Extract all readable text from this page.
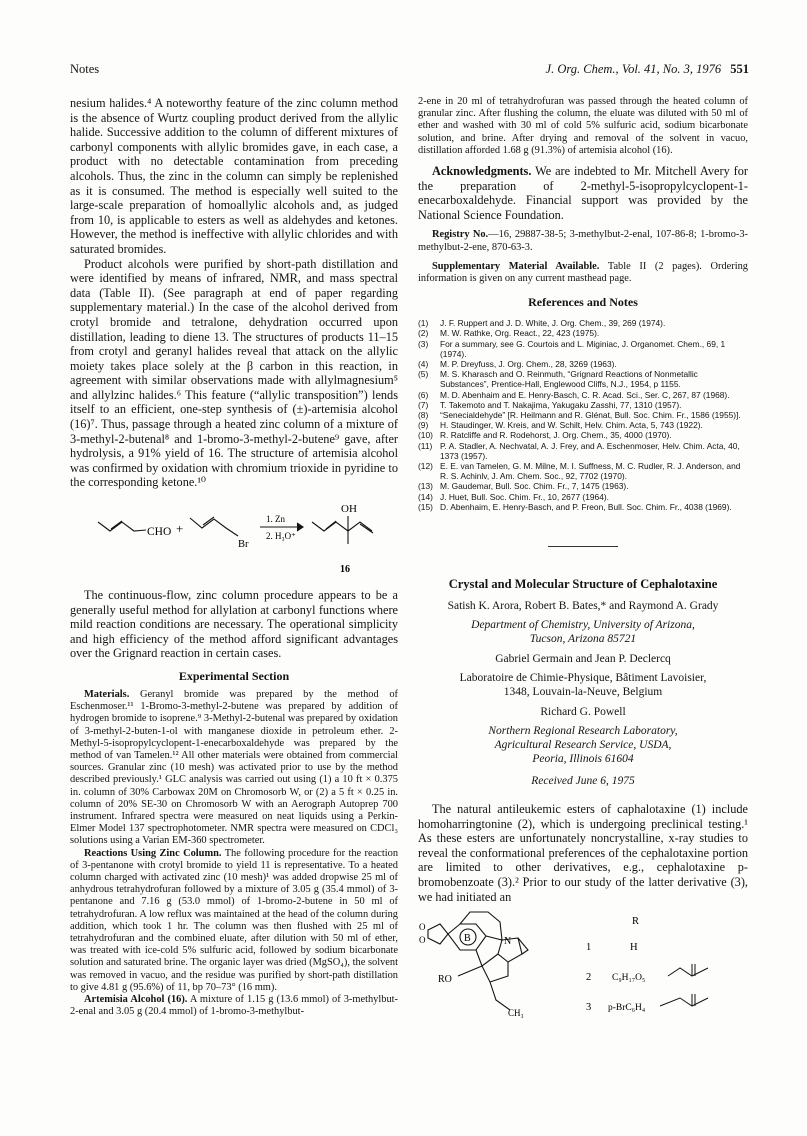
Notes	J. Org. Chem., Vol. 41, No. 3, 1976 551

nesium halides.⁴ A noteworthy feature of the zinc column method is the absence of Wurtz coupling product derived from the allylic halide. Successive addition to the column of different mixtures of carbonyl components with allylic bromides gave, in each case, a product with no detectable contamination from preceding alcohols. Thus, the zinc in the column can simply be replenished as it is consumed. The method is especially well suited to the large-scale preparation of homoallylic alcohols and, as judged from 10, is applicable to esters as well as aldehydes and ketones. However, the method is ineffective with allylic chlorides and with saturated bromides.

Product alcohols were purified by short-path distillation and were identified by means of infrared, NMR, and mass spectral data (Table II). (See paragraph at end of paper regarding supplementary material.) In the case of the alcohol derived from crotyl bromide and tetralone, dehydration occurred upon distillation, leading to diene 13. The structures of products 11–15 from crotyl and geranyl halides reveal that attack on the allylic moiety takes place solely at the β carbon in this reaction, in agreement with similar observations made with allylmagnesium⁵ and allylzinc halides.⁶ This feature (“allylic transposition”) lends itself to an efficient, one-step synthesis of (±)-artemisia alcohol (16)⁷. Thus, passage through a heated zinc column of a mixture of 3-methyl-2-butenal⁸ and 1-bromo-3-methyl-2-butene⁹ gave, after hydrolysis, a 91% yield of 16. The structure of artemisia alcohol was confirmed by oxidation with chromium trioxide in pyridine to the corresponding ketone.¹⁰

CHO +
Br
1. Zn
2. H₃O⁺
OH
16

The continuous-flow, zinc column procedure appears to be a generally useful method for allylation at carbonyl functions where mild reaction conditions are necessary. The operational simplicity and high efficiency of the method afford significant advantages over the Grignard reaction in certain cases.

Experimental Section

Materials. Geranyl bromide was prepared by the method of Eschenmoser.¹¹ 1-Bromo-3-methyl-2-butene was prepared by addition of hydrogen bromide to isoprene.⁹ 3-Methyl-2-butenal was prepared by oxidation of 3-methyl-2-buten-1-ol with manganese dioxide in petroleum ether. 2-Methyl-5-isopropylcyclopent-1-enecarboxaldehyde was prepared by the method of van Tamelen.¹² All other materials were obtained from commercial sources. Granular zinc (10 mesh) was activated prior to use by the method described previously.¹ GLC analysis was carried out using (1) a 10 ft × 0.375 in. column of 30% Carbowax 20M on Chromosorb W, or (2) a 5 ft × 0.25 in. column of 20% SE-30 on Chromosorb W with an Aerograph Autoprep 700 instrument. Infrared spectra were measured on neat liquids using a Perkin-Elmer Model 137 spectrophotometer. NMR spectra were measured on CDCl₃ solutions using a Varian EM-360 spectrometer.

Reactions Using Zinc Column. The following procedure for the reaction of 3-pentanone with crotyl bromide to yield 11 is representative. To a heated column charged with activated zinc (10 mesh)¹ was added dropwise 25 ml of anhydrous tetrahydrofuran followed by a mixture of 3.05 g (35.4 mmol) of 3-pentanone and 7.16 g (53.0 mmol) of 1-bromo-2-butene in 50 ml of tetrahydrofuran. A low reflux was maintained at the head of the column during addition, which took 1 hr. The column was then flushed with 25 ml of tetrahydrofuran and the combined eluate, after dilution with 50 ml of ether, was treated with ice-cold 5% sulfuric acid, followed by sodium bicarbonate solution and saturated brine. The organic layer was dried (MgSO₄), the solvent was removed in vacuo, and the residue was purified by short-path distillation to give 4.81 g (95.6%) of 11, bp 70–73° (16 mm).

Artemisia Alcohol (16). A mixture of 1.15 g (13.6 mmol) of 3-methylbut-2-enal and 3.05 g (20.4 mmol) of 1-bromo-3-methylbut-

2-ene in 20 ml of tetrahydrofuran was passed through the heated column of granular zinc. After flushing the column, the eluate was diluted with 50 ml of ether and washed with 30 ml of cold 5% sulfuric acid, sodium bicarbonate solution, and brine. After drying and removal of the solvent in vacuo, distillation afforded 1.68 g (91.3%) of artemisia alcohol (16).

Acknowledgments. We are indebted to Mr. Mitchell Avery for the preparation of 2-methyl-5-isopropylcyclopent-1-enecarboxaldehyde. Financial support was provided by the National Science Foundation.

Registry No.—16, 29887-38-5; 3-methylbut-2-enal, 107-86-8; 1-bromo-3-methylbut-2-ene, 870-63-3.

Supplementary Material Available. Table II (2 pages). Ordering information is given on any current masthead page.

References and Notes
(1)	J. F. Ruppert and J. D. White, J. Org. Chem., 39, 269 (1974).
(2)	M. W. Rathke, Org. React., 22, 423 (1975).
(3)	For a summary, see G. Courtois and L. Miginiac, J. Organomet. Chem., 69, 1 (1974).
(4)	M. P. Dreyfuss, J. Org. Chem., 28, 3269 (1963).
(5)	M. S. Kharasch and O. Reinmuth, “Grignard Reactions of Nonmetallic Substances”, Prentice-Hall, Englewood Cliffs, N.J., 1954, p 1155.
(6)	M. D. Abenhaim and E. Henry-Basch, C. R. Acad. Sci., Ser. C, 267, 87 (1968).
(7)	T. Takemoto and T. Nakajima, Yakugaku Zasshi, 77, 1310 (1957).
(8)	“Senecialdehyde” [R. Heilmann and R. Glénat, Bull. Soc. Chim. Fr., 1586 (1955)].
(9)	H. Staudinger, W. Kreis, and W. Schilt, Helv. Chim. Acta, 5, 743 (1922).
(10) R. Ratcliffe and R. Rodehorst, J. Org. Chem., 35, 4000 (1970).
(11) P. A. Stadler, A. Nechvatal, A. J. Frey, and A. Eschenmoser, Helv. Chim. Acta, 40, 1373 (1957).
(12) E. E. van Tamelen, G. M. Milne, M. I. Suffness, M. C. Rudler, R. J. Anderson, and R. S. Achinlv, J. Am. Chem. Soc., 92, 7702 (1970).
(13) M. Gaudemar, Bull. Soc. Chim. Fr., 7, 1475 (1963).
(14) J. Huet, Bull. Soc. Chim. Fr., 10, 2677 (1964).
(15) D. Abenhaim, E. Henry-Basch, and P. Freon, Bull. Soc. Chim. Fr., 4038 (1969).
Crystal and Molecular Structure of Cephalotaxine
Satish K. Arora, Robert B. Bates,* and Raymond A. Grady
Department of Chemistry, University of Arizona,
Tucson, Arizona 85721
Gabriel Germain and Jean P. Declercq
Laboratoire de Chimie-Physique, Bâtiment Lavoisier,
1348, Louvain-la-Neuve, Belgium
Richard G. Powell
Northern Regional Research Laboratory,
Agricultural Research Service, USDA,
Peoria, Illinois 61604
Received June 6, 1975

The natural antileukemic esters of caphalotaxine (1) include homoharringtonine (2), which is undergoing preclinical testing.¹ As these esters are unfortunately noncrystalline, x-ray studies to reveal the conformational preferences of the cephalotaxine portion are limited to other derivatives, e.g., cephalotaxine p-bromobenzoate (3).² Prior to our study of the latter derivative (3), we had initiated an

B
O
O	N
RO
CH₃
R
1	H
2 C₉H₁₇O₅
3 p-BrC₆H₄
